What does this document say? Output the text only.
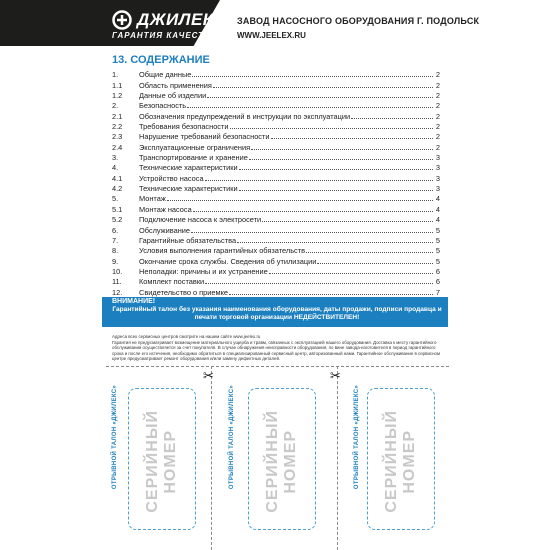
ДЖИЛЕКС
ГАРАНТИЯ КАЧЕСТВА
ЗАВОД НАСОСНОГО ОБОРУДОВАНИЯ Г. ПОДОЛЬСК
WWW.JEELEX.RU
13. СОДЕРЖАНИЕ
1.	Общие данные	2
1.1	Область применения	2
1.2	Данные об изделии	2
2.	Безопасность	2
2.1	Обозначения предупреждений в инструкции по эксплуатации	2
2.2	Требования безопасности	2
2.3	Нарушение требований безопасности	2
2.4	Эксплуатационные ограничения	2
3.	Транспортирование и хранение	3
4.	Технические характеристики	3
4.1	Устройство насоса	3
4.2	Технические характеристики	3
5.	Монтаж	4
5.1	Монтаж насоса	4
5.2	Подключение насоса к электросети	4
6.	Обслуживание	5
7.	Гарантийные обязательства	5
8.	Условия выполнения гарантийных обязательств	5
9.	Окончание срока службы. Сведения об утилизации	5
10.	Неполадки: причины и их устранение	6
11.	Комплект поставки	6
12.	Свидетельство о приемке	7
ВНИМАНИЕ!
Гарантийный талон без указания наименования оборудования, даты продажи, подписи продавца и печати торговой организации НЕДЕЙСТВИТЕЛЕН!

Адреса всех сервисных центров смотрите на нашем сайте www.jeelex.ru

Гарантия не предусматривает возмещение материального ущерба и травм, связанных с эксплуатацией нашего оборудования. Доставка к месту гарантийного обслуживания осуществляется за счет покупателя. В случае обнаружения неисправности оборудования, по вине завода-изготовителя в период гарантийного срока и после его истечения, необходимо обратиться в специализированный сервисный центр, авторизованный нами. Гарантийное обслуживание в сервисном центре предусматривает ремонт оборудования и/или замену дефектных деталей.

✂	✂
ОТРЫВНОЙ ТАЛОН «ДЖИЛЕКС» СЕРИЙНЫЙ
НОМЕР	ОТРЫВНОЙ ТАЛОН «ДЖИЛЕКС» СЕРИЙНЫЙ
НОМЕР	ОТРЫВНОЙ ТАЛОН «ДЖИЛЕКС» СЕРИЙНЫЙ
НОМЕР
